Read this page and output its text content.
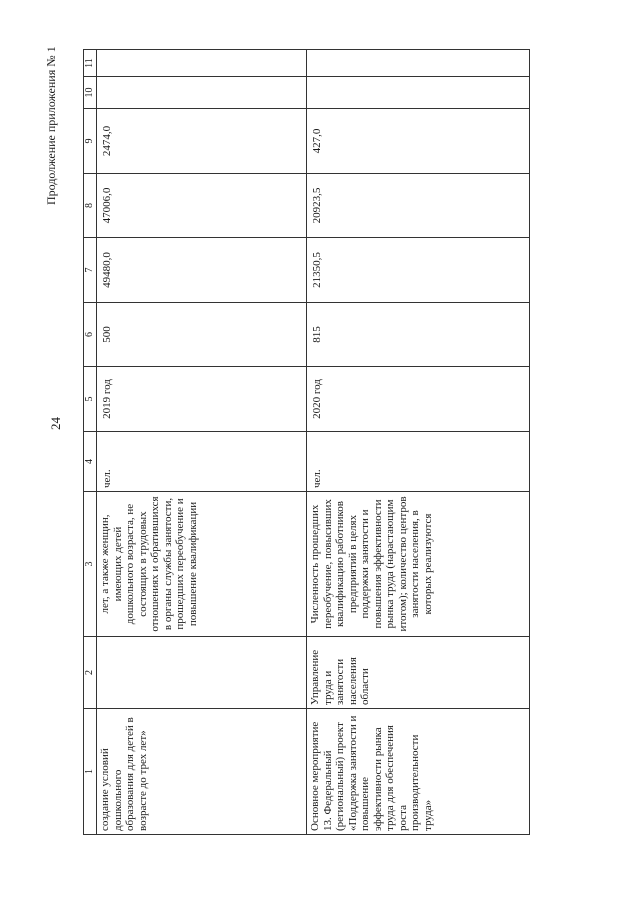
24
Продолжение приложения № 1
1	2	3	4	5	6	7	8	9	10	11
создание условий дошкольного образования для детей в возрасте до трех лет»		лет, а также женщин, имеющих детей дошкольного возраста, не состоящих в трудовых отношениях и обратившихся в органы службы занятости, прошедших переобучение и повышение квалификации	чел.	2019 год	500	49480,0	47006,0	2474,0		
Основное мероприятие 13. Федеральный (региональный) проект «Поддержка занятости и повышение эффективности рынка труда для обеспечения роста производительности труда»	Управление труда и занятости населения области	Численность прошедших переобучение, повысивших квалификацию работников предприятий в целях поддержки занятости и повышения эффективности рынка труда (нарастающим итогом); количество центров занятости населения, в которых реализуются	чел.	2020 год	815	21350,5	20923,5	427,0		
